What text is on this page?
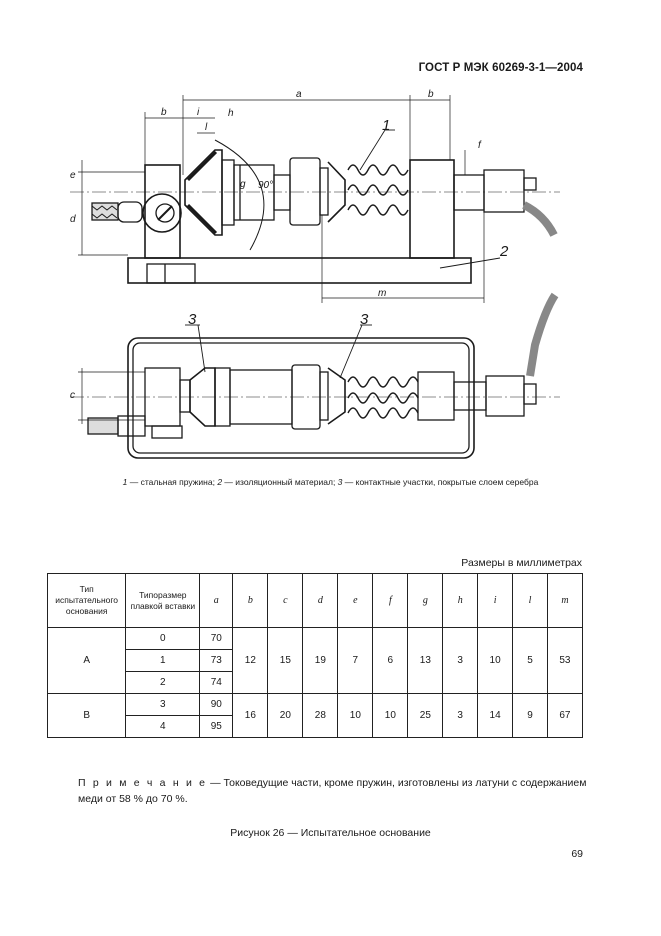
ГОСТ Р МЭК 60269-3-1—2004
a	b
b	i
l
h
e
d
m
g
f
c
90°
1
2
3	3
1 — стальная пружина; 2 — изоляционный материал; 3 — контактные участки, покрытые слоем серебра
Размеры в миллиметрах
Тип испытательного основания	Типоразмер плавкой вставки	a	b	c	d	e	f	g	h	i	l	m
A	0	70	12	15	19	7	6	13	3	10	5	53
	1	73										
	2	74										
B	3	90	16	20	28	10	10	25	3	14	9	67
	4	95										
П р и м е ч а н и е — Токоведущие части, кроме пружин, изготовлены из латуни с содержанием меди от 58 % до 70 %.
Рисунок 26 — Испытательное основание
69
